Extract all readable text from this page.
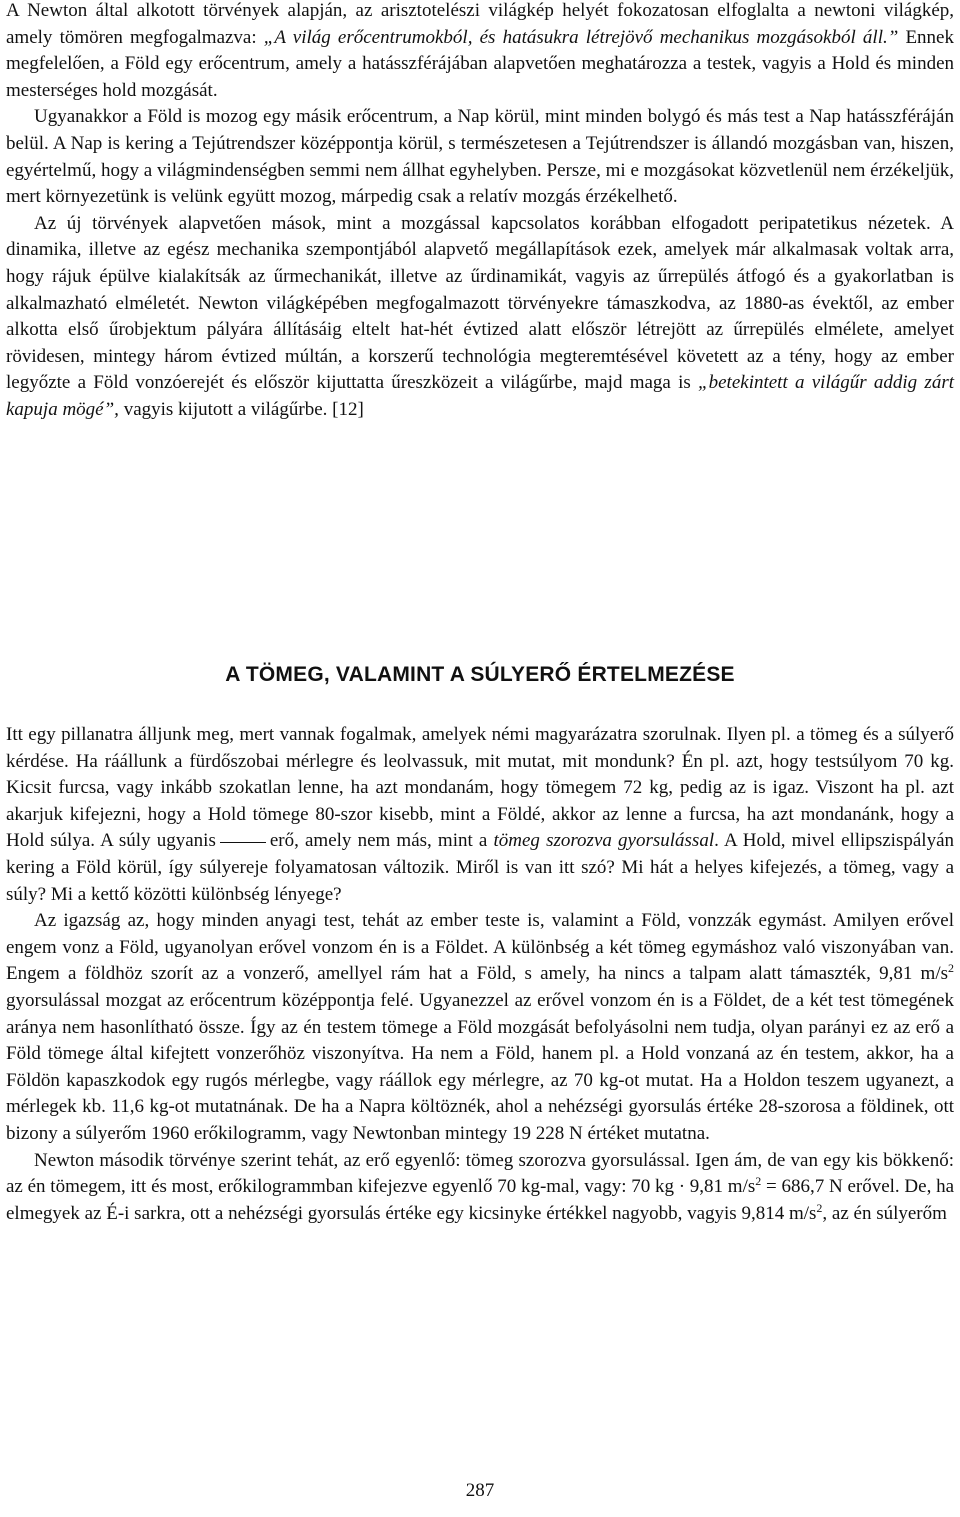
A Newton által alkotott törvények alapján, az arisztotelészi világkép helyét fokozatosan elfoglalta a newtoni világkép, amely tömören megfogalmazva: „A világ erőcentrumokból, és hatásukra létrejövő mechanikus mozgásokból áll.” Ennek megfelelően, a Föld egy erőcentrum, amely a hatásszférájában alapvetően meghatározza a testek, vagyis a Hold és minden mesterséges hold mozgását.

Ugyanakkor a Föld is mozog egy másik erőcentrum, a Nap körül, mint minden bolygó és más test a Nap hatásszféráján belül. A Nap is kering a Tejútrendszer középpontja körül, s természetesen a Tejútrendszer is állandó mozgásban van, hiszen, egyértelmű, hogy a világmindenségben semmi nem állhat egyhelyben. Persze, mi e mozgásokat közvetlenül nem érzékeljük, mert környezetünk is velünk együtt mozog, márpedig csak a relatív mozgás érzékelhető.

Az új törvények alapvetően mások, mint a mozgással kapcsolatos korábban elfogadott peripatetikus nézetek. A dinamika, illetve az egész mechanika szempontjából alapvető megállapítások ezek, amelyek már alkalmasak voltak arra, hogy rájuk épülve kialakítsák az űrmechanikát, illetve az űrdinamikát, vagyis az űrrepülés átfogó és a gyakorlatban is alkalmazható elméletét. Newton világképében megfogalmazott törvényekre támaszkodva, az 1880-as évektől, az ember alkotta első űrobjektum pályára állításáig eltelt hat-hét évtized alatt először létrejött az űrrepülés elmélete, amelyet rövidesen, mintegy három évtized múltán, a korszerű technológia megteremtésével követett az a tény, hogy az ember legyőzte a Föld vonzóerejét és először kijuttatta űreszközeit a világűrbe, majd maga is „betekintett a világűr addig zárt kapuja mögé”, vagyis kijutott a világűrbe. [12]

A TÖMEG, VALAMINT A SÚLYERŐ ÉRTELMEZÉSE

Itt egy pillanatra álljunk meg, mert vannak fogalmak, amelyek némi magyarázatra szorulnak. Ilyen pl. a tömeg és a súlyerő kérdése. Ha ráállunk a fürdőszobai mérlegre és leolvassuk, mit mutat, mit mondunk? Én pl. azt, hogy testsúlyom 70 kg. Kicsit furcsa, vagy inkább szokatlan lenne, ha azt mondanám, hogy tömegem 72 kg, pedig az is igaz. Viszont ha pl. azt akarjuk kifejezni, hogy a Hold tömege 80-szor kisebb, mint a Földé, akkor az lenne a furcsa, ha azt mondanánk, hogy a Hold súlya. A súly ugyanis	erő, amely nem más, mint a tömeg szorozva gyorsulással. A Hold, mivel ellipszispályán kering a Föld körül, így súlyereje folyamatosan változik. Miről is van itt szó? Mi hát a helyes kifejezés, a tömeg, vagy a súly? Mi a kettő közötti különbség lényege?

Az igazság az, hogy minden anyagi test, tehát az ember teste is, valamint a Föld, vonzzák egymást. Amilyen erővel engem vonz a Föld, ugyanolyan erővel vonzom én is a Földet. A különbség a két tömeg egymáshoz való viszonyában van. Engem a földhöz szorít az a vonzerő, amellyel rám hat a Föld, s amely, ha nincs a talpam alatt támaszték, 9,81 $m/s^2$ gyorsulással mozgat az erőcentrum középpontja felé. Ugyanezzel az erővel vonzom én is a Földet, de a két test tömegének aránya nem hasonlítható össze. Így az én testem tömege a Föld mozgását befolyásolni nem tudja, olyan parányi ez az erő a Föld tömege által kifejtett vonzerőhöz viszonyítva. Ha nem a Föld, hanem pl. a Hold vonzaná az én testem, akkor, ha a Földön kapaszkodok egy rugós mérlegbe, vagy ráállok egy mérlegre, az 70 kg-ot mutat. Ha a Holdon teszem ugyanezt, a mérlegek kb. 11,6 kg-ot mutatnának. De ha a Napra költöznék, ahol a nehézségi gyorsulás értéke 28-szorosa a földinek, ott bizony a súlyerőm 1960 erőkilogramm, vagy Newtonban mintegy 19 228 N értéket mutatna.

Newton második törvénye szerint tehát, az erő egyenlő: tömeg szorozva gyorsulással. Igen ám, de van egy kis bökkenő: az én tömegem, itt és most, erőkilogrammban kifejezve egyenlő 70 kg-mal, vagy: 70 kg · 9,81 $m/s^2 = 686,7$ N erővel. De, ha elmegyek az É-i sarkra, ott a nehézségi gyorsulás értéke egy kicsinyke értékkel nagyobb, vagyis 9,814 $m/s^2$, az én súlyerőm

287
